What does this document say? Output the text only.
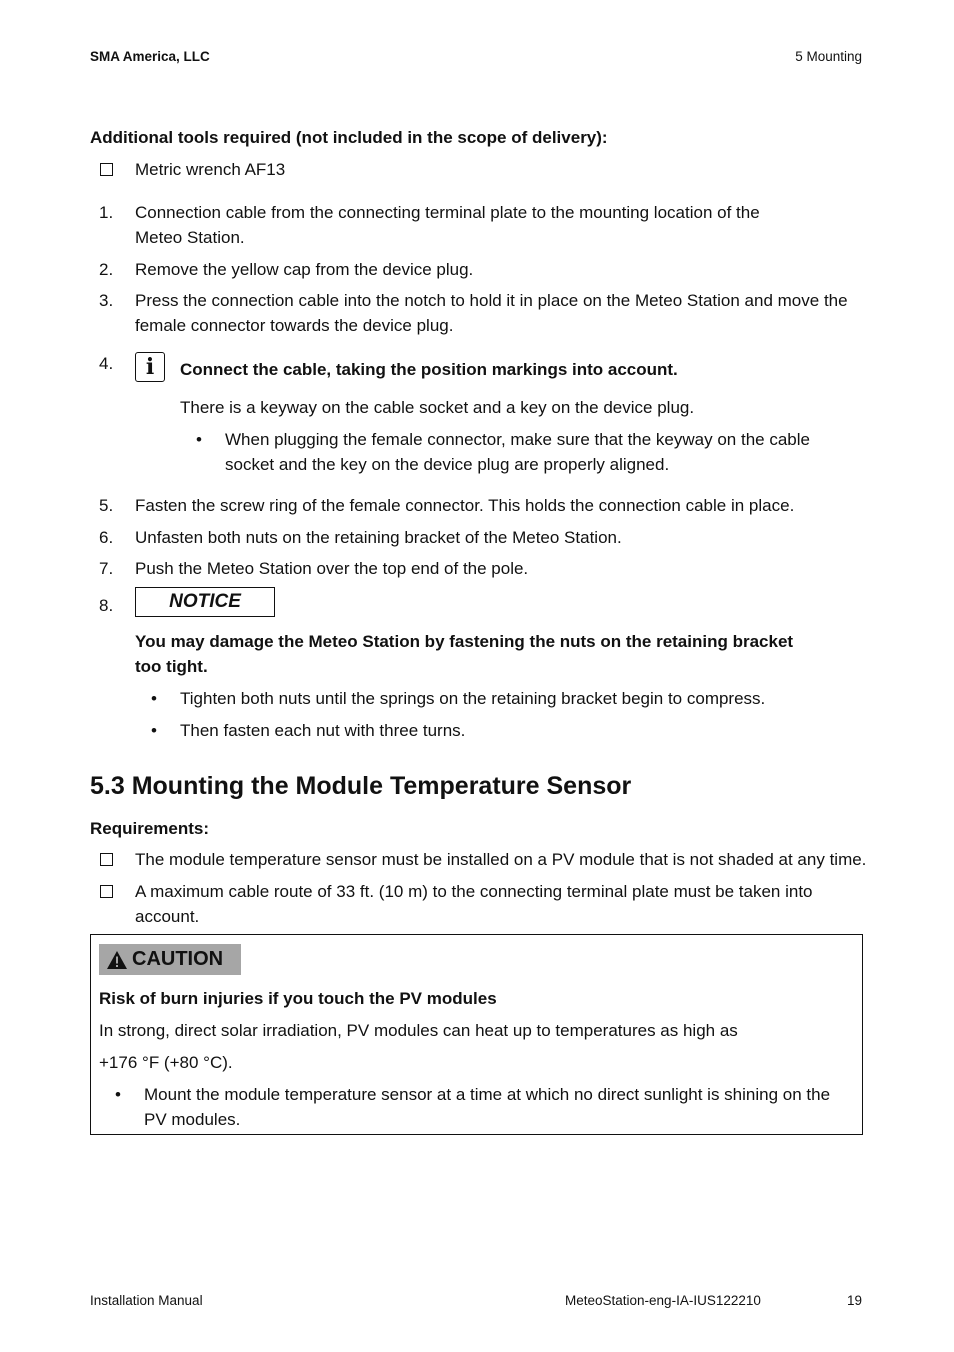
SMA America, LLC	5 Mounting
Additional tools required (not included in the scope of delivery):
Metric wrench AF13
1.	Connection cable from the connecting terminal plate to the mounting location of the
Meteo Station.
2.	Remove the yellow cap from the device plug.
3.	Press the connection cable into the notch to hold it in place on the Meteo Station and move the
female connector towards the device plug.
4.	i Connect the cable, taking the position markings into account.
There is a keyway on the cable socket and a key on the device plug.
• When plugging the female connector, make sure that the keyway on the cable
socket and the key on the device plug are properly aligned.
5.	Fasten the screw ring of the female connector. This holds the connection cable in place.
6.	Unfasten both nuts on the retaining bracket of the Meteo Station.
7.	Push the Meteo Station over the top end of the pole.
8.	NOTICE
You may damage the Meteo Station by fastening the nuts on the retaining bracket
too tight.
• Tighten both nuts until the springs on the retaining bracket begin to compress.
• Then fasten each nut with three turns.
5.3 Mounting the Module Temperature Sensor
Requirements:
The module temperature sensor must be installed on a PV module that is not shaded at any time.
A maximum cable route of 33 ft. (10 m) to the connecting terminal plate must be taken into
account.
CAUTION
Risk of burn injuries if you touch the PV modules
In strong, direct solar irradiation, PV modules can heat up to temperatures as high as
+176 °F (+80 °C).
• Mount the module temperature sensor at a time at which no direct sunlight is shining on the
PV modules.
Installation Manual	MeteoStation-eng-IA-IUS122210	19
